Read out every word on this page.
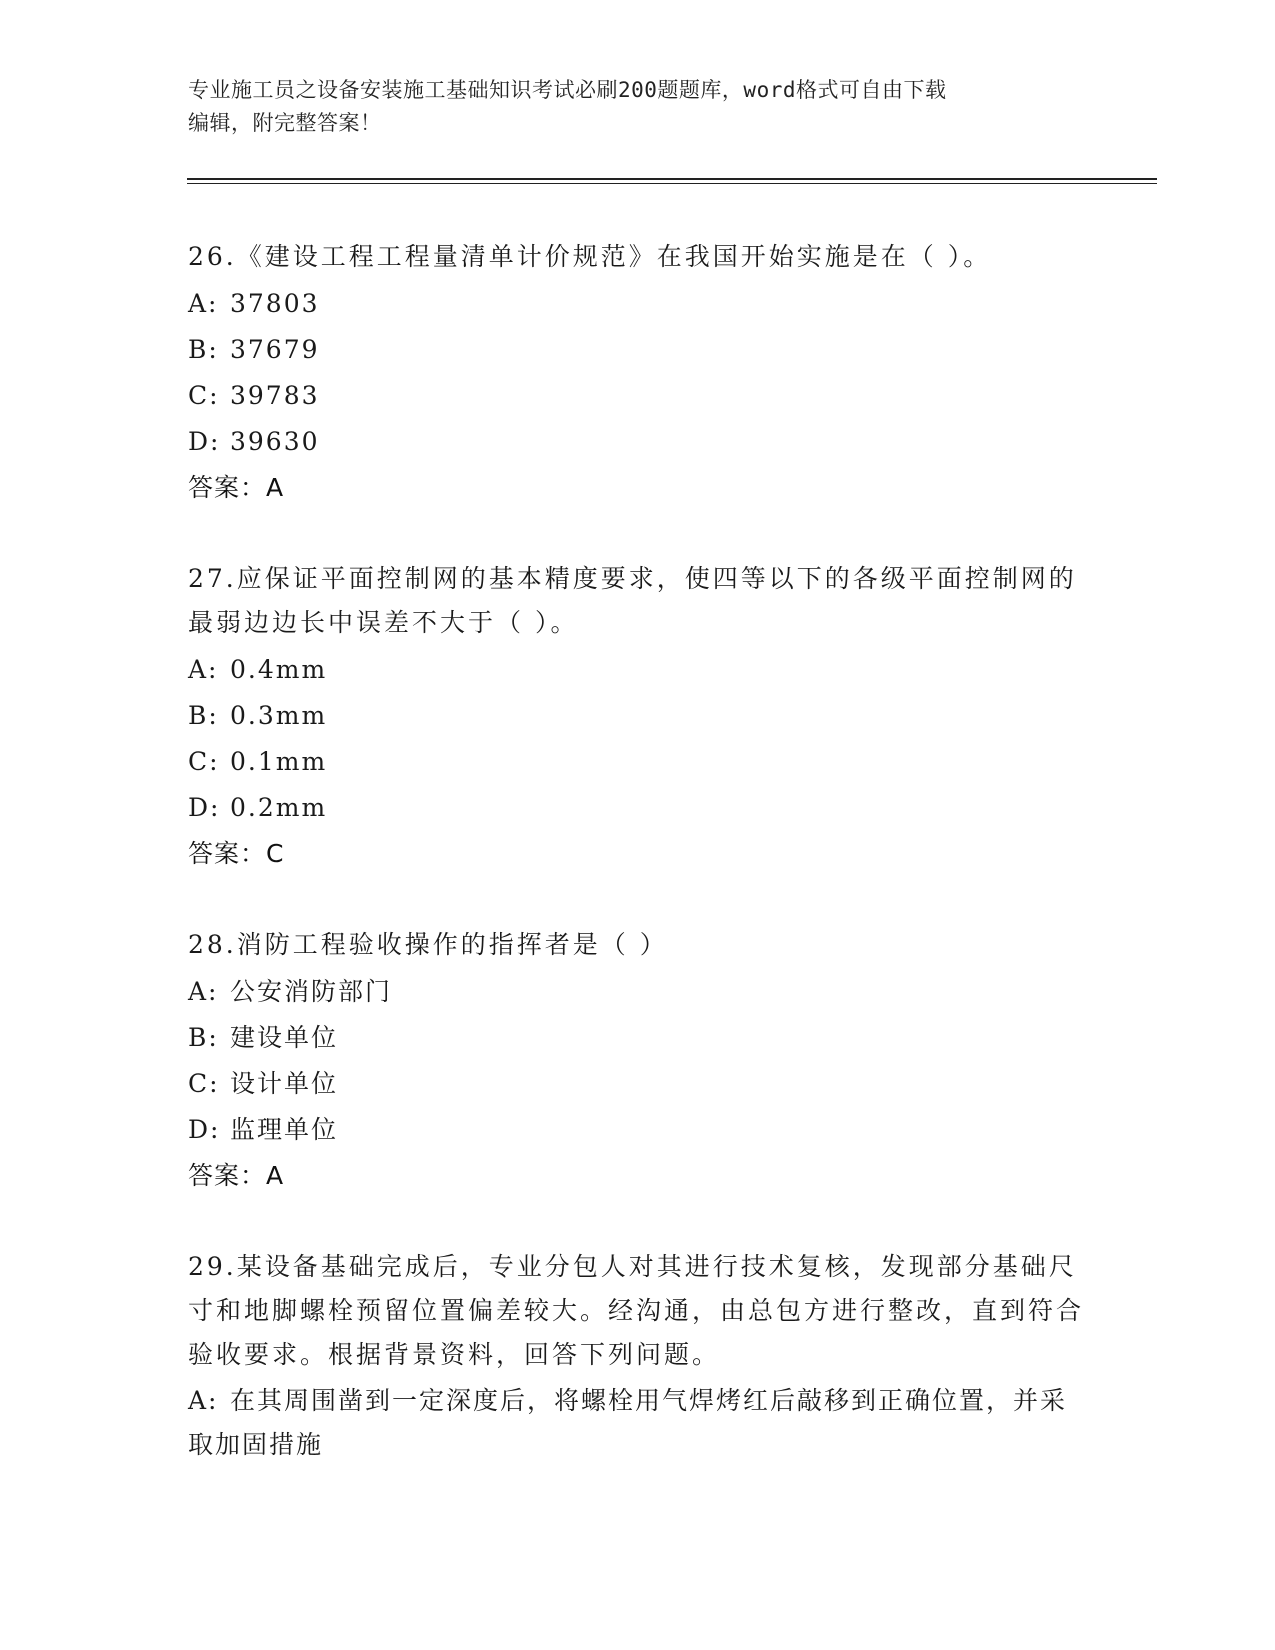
专业施工员之设备安装施工基础知识考试必刷200题题库，word格式可自由下载
编辑，附完整答案！
26.《建设工程工程量清单计价规范》在我国开始实施是在（ ）。
A: 37803
B: 37679
C: 39783
D: 39630
答案：A
27.应保证平面控制网的基本精度要求，使四等以下的各级平面控制网的最弱边边长中误差不大于（ ）。
A: 0.4mm
B: 0.3mm
C: 0.1mm
D: 0.2mm
答案：C
28.消防工程验收操作的指挥者是（ ）
A: 公安消防部门
B: 建设单位
C: 设计单位
D: 监理单位
答案：A
29.某设备基础完成后，专业分包人对其进行技术复核，发现部分基础尺寸和地脚螺栓预留位置偏差较大。经沟通，由总包方进行整改，直到符合验收要求。根据背景资料，回答下列问题。
A: 在其周围凿到一定深度后，将螺栓用气焊烤红后敲移到正确位置，并采取加固措施
